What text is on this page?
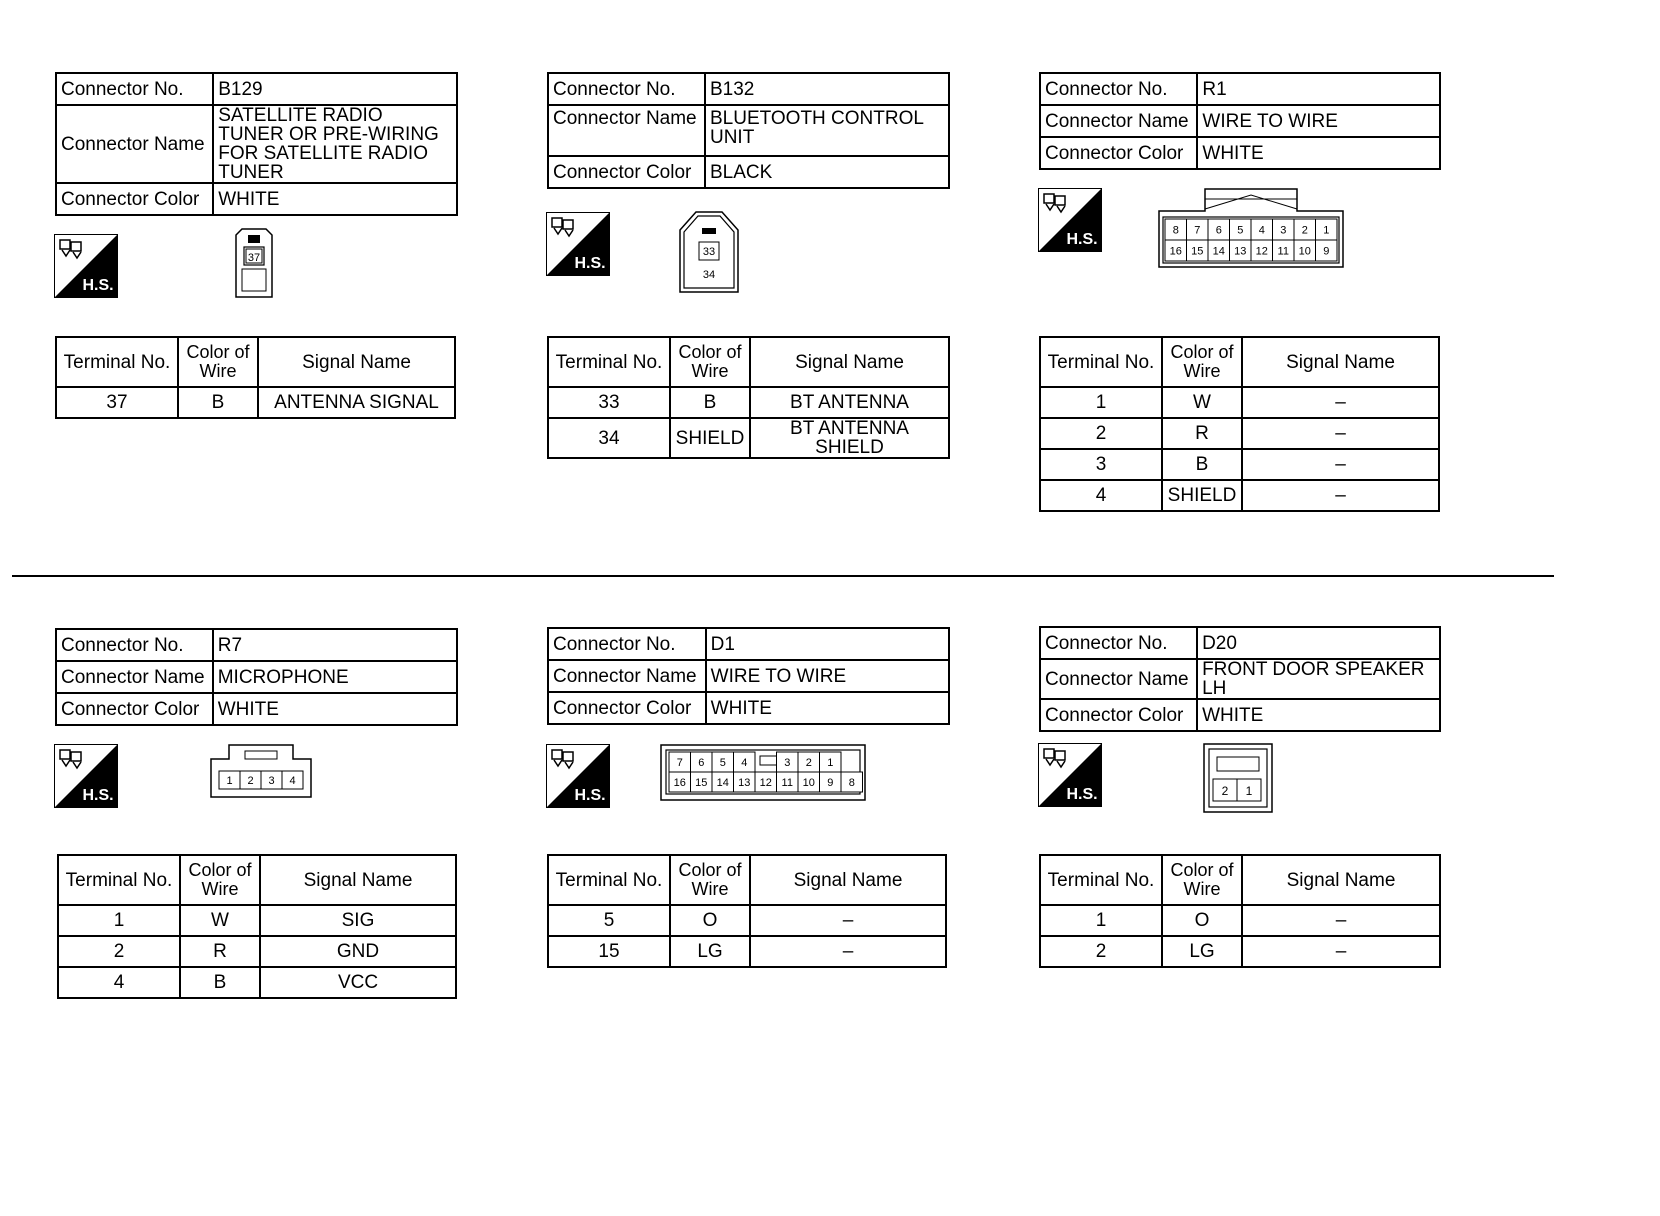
Connector No.	B129
Connector Name	SATELLITE RADIO TUNER OR PRE-WIRING FOR SATELLITE RADIO TUNER
Connector Color	WHITE
H.S.
37
Terminal No.	Color of Wire	Signal Name
37	B	ANTENNA SIGNAL
Connector No.	B132
Connector Name	BLUETOOTH CONTROL UNIT
Connector Color	BLACK
H.S.
33
34
Terminal No.	Color of Wire	Signal Name
33	B	BT ANTENNA
34	SHIELD	BT ANTENNA SHIELD
Connector No.	R1
Connector Name	WIRE TO WIRE
Connector Color	WHITE
H.S.
8 7 6 5 4 3 2 1
16 15 14 13 12 11 10 9
Terminal No.	Color of Wire	Signal Name
1	W	–
2	R	–
3	B	–
4	SHIELD	–
Connector No.	R7
Connector Name	MICROPHONE
Connector Color	WHITE
H.S.
1 2 3 4
Terminal No.	Color of Wire	Signal Name
1	W	SIG
2	R	GND
4	B	VCC
Connector No.	D1
Connector Name	WIRE TO WIRE
Connector Color	WHITE
H.S.
7 6 5 4	3 2 1
16 15 14 13 12 11 10 9 8
Terminal No.	Color of Wire	Signal Name
5	O	–
15	LG	–
Connector No.	D20
Connector Name	FRONT DOOR SPEAKER LH
Connector Color	WHITE
H.S.	2 1
Terminal No.	Color of Wire	Signal Name
1	O	–
2	LG	–
